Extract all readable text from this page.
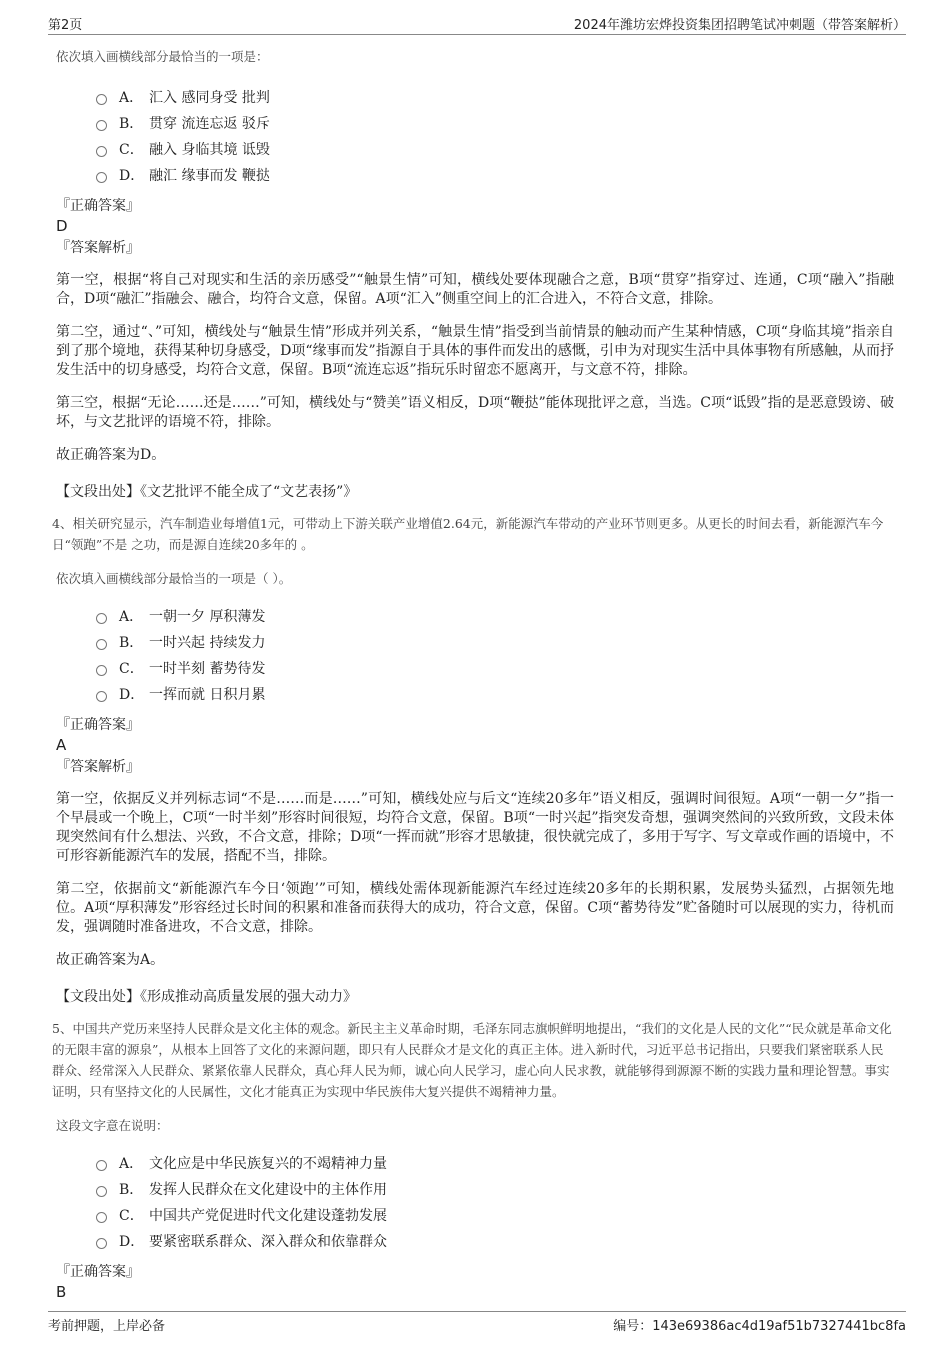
第2页	2024年潍坊宏烨投资集团招聘笔试冲刺题（带答案解析）

依次填入画横线部分最恰当的一项是：

A． 汇入 感同身受 批判
B． 贯穿 流连忘返 驳斥
C． 融入 身临其境 诋毁
D． 融汇 缘事而发 鞭挞
『正确答案』
D
『答案解析』

第一空，根据“将自己对现实和生活的亲历感受”“触景生情”可知，横线处要体现融合之意，B项“贯穿”指穿过、连通，C项“融入”指融合，D项“融汇”指融会、融合，均符合文意，保留。A项“汇入”侧重空间上的汇合进入，不符合文意，排除。

第二空，通过“、”可知，横线处与“触景生情”形成并列关系，“触景生情”指受到当前情景的触动而产生某种情感，C项“身临其境”指亲自到了那个境地，获得某种切身感受，D项“缘事而发”指源自于具体的事件而发出的感慨，引申为对现实生活中具体事物有所感触，从而抒发生活中的切身感受，均符合文意，保留。B项“流连忘返”指玩乐时留恋不愿离开，与文意不符，排除。

第三空，根据“无论……还是……”可知，横线处与“赞美”语义相反，D项“鞭挞”能体现批评之意，当选。C项“诋毁”指的是恶意毁谤、破坏，与文艺批评的语境不符，排除。

故正确答案为D。

【文段出处】《文艺批评不能全成了“文艺表扬”》

4、相关研究显示，汽车制造业每增值1元，可带动上下游关联产业增值2.64元，新能源汽车带动的产业环节则更多。从更长的时间去看，新能源汽车今日“领跑”不是 之功，而是源自连续20多年的 。

依次填入画横线部分最恰当的一项是（ ）。

A． 一朝一夕 厚积薄发
B． 一时兴起 持续发力
C． 一时半刻 蓄势待发
D． 一挥而就 日积月累
『正确答案』
A
『答案解析』

第一空，依据反义并列标志词“不是……而是……”可知，横线处应与后文“连续20多年”语义相反，强调时间很短。A项“一朝一夕”指一个早晨或一个晚上，C项“一时半刻”形容时间很短，均符合文意，保留。B项“一时兴起”指突发奇想，强调突然间的兴致所致，文段未体现突然间有什么想法、兴致，不合文意，排除；D项“一挥而就”形容才思敏捷，很快就完成了，多用于写字、写文章或作画的语境中，不可形容新能源汽车的发展，搭配不当，排除。

第二空，依据前文“新能源汽车今日‘领跑’”可知，横线处需体现新能源汽车经过连续20多年的长期积累，发展势头猛烈，占据领先地位。A项“厚积薄发”形容经过长时间的积累和准备而获得大的成功，符合文意，保留。C项“蓄势待发”贮备随时可以展现的实力，待机而发，强调随时准备进攻，不合文意，排除。

故正确答案为A。

【文段出处】《形成推动高质量发展的强大动力》

5、中国共产党历来坚持人民群众是文化主体的观念。新民主主义革命时期，毛泽东同志旗帜鲜明地提出，“我们的文化是人民的文化”“民众就是革命文化的无限丰富的源泉”，从根本上回答了文化的来源问题，即只有人民群众才是文化的真正主体。进入新时代，习近平总书记指出，只要我们紧密联系人民群众、经常深入人民群众、紧紧依靠人民群众，真心拜人民为师，诚心向人民学习，虚心向人民求教，就能够得到源源不断的实践力量和理论智慧。事实证明，只有坚持文化的人民属性，文化才能真正为实现中华民族伟大复兴提供不竭精神力量。

这段文字意在说明：

A． 文化应是中华民族复兴的不竭精神力量
B． 发挥人民群众在文化建设中的主体作用
C． 中国共产党促进时代文化建设蓬勃发展
D． 要紧密联系群众、深入群众和依靠群众
『正确答案』
B
考前押题，上岸必备	编号：143e69386ac4d19af51b7327441bc8fa
